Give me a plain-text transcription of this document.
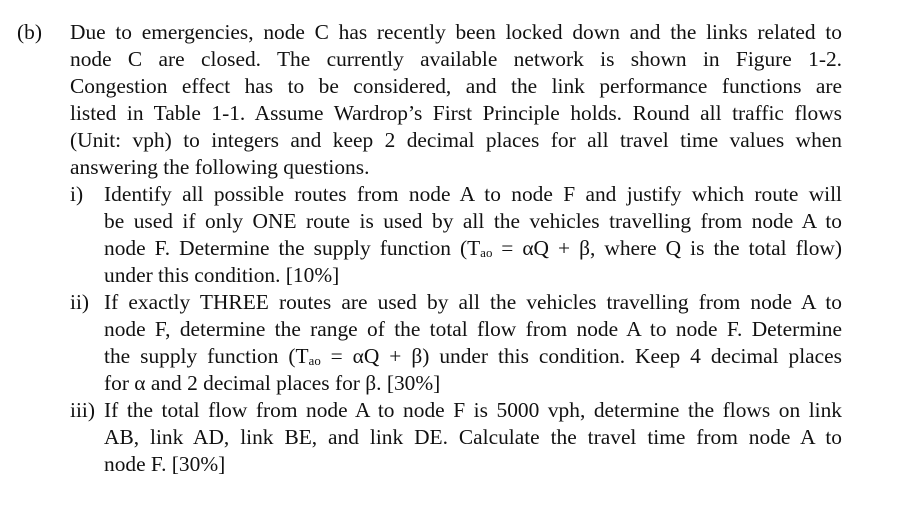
(b) Due to emergencies, node C has recently been locked down and the links related to
node C are closed. The currently available network is shown in Figure 1-2.
Congestion effect has to be considered, and the link performance functions are
listed in Table 1-1. Assume Wardrop’s First Principle holds. Round all traffic flows
(Unit: vph) to integers and keep 2 decimal places for all travel time values when
answering the following questions.
i) Identify all possible routes from node A to node F and justify which route will
be used if only ONE route is used by all the vehicles travelling from node A to
node F. Determine the supply function (Tₐₒ = αQ + β, where Q is the total flow)
under this condition. [10%]
ii) If exactly THREE routes are used by all the vehicles travelling from node A to
node F, determine the range of the total flow from node A to node F. Determine
the supply function (Tₐₒ = αQ + β) under this condition. Keep 4 decimal places
for α and 2 decimal places for β. [30%]
iii) If the total flow from node A to node F is 5000 vph, determine the flows on link
AB, link AD, link BE, and link DE. Calculate the travel time from node A to
node F. [30%]
